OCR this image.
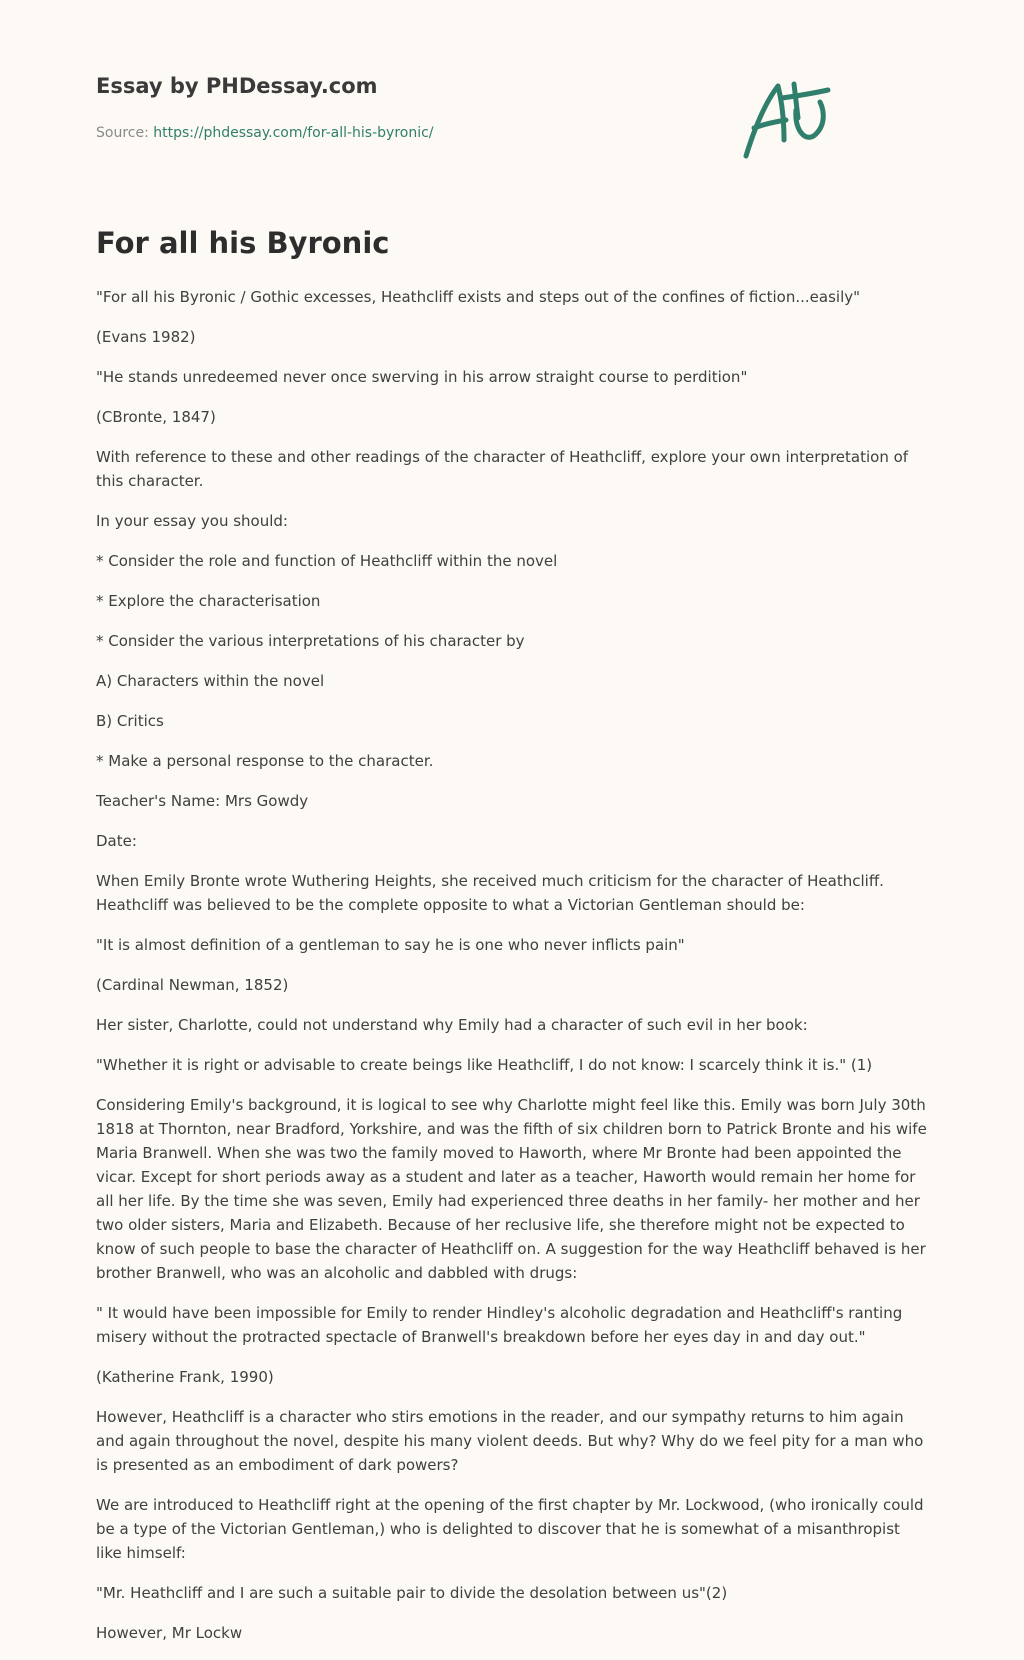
Essay by PHDessay.com
Source: https://phdessay.com/for-all-his-byronic/
For all his Byronic

"For all his Byronic / Gothic excesses, Heathcliff exists and steps out of the confines of fiction...easily"

(Evans 1982)

"He stands unredeemed never once swerving in his arrow straight course to perdition"

(CBronte, 1847)

With reference to these and other readings of the character of Heathcliff, explore your own interpretation of this character.

In your essay you should:

* Consider the role and function of Heathcliff within the novel

* Explore the characterisation

* Consider the various interpretations of his character by

A) Characters within the novel

B) Critics

* Make a personal response to the character.

Teacher's Name: Mrs Gowdy

Date:

When Emily Bronte wrote Wuthering Heights, she received much criticism for the character of Heathcliff. Heathcliff was believed to be the complete opposite to what a Victorian Gentleman should be:

"It is almost definition of a gentleman to say he is one who never inflicts pain"

(Cardinal Newman, 1852)

Her sister, Charlotte, could not understand why Emily had a character of such evil in her book:

"Whether it is right or advisable to create beings like Heathcliff, I do not know: I scarcely think it is." (1)

Considering Emily's background, it is logical to see why Charlotte might feel like this. Emily was born July 30th 1818 at Thornton, near Bradford, Yorkshire, and was the fifth of six children born to Patrick Bronte and his wife Maria Branwell. When she was two the family moved to Haworth, where Mr Bronte had been appointed the vicar. Except for short periods away as a student and later as a teacher, Haworth would remain her home for all her life. By the time she was seven, Emily had experienced three deaths in her family- her mother and her two older sisters, Maria and Elizabeth. Because of her reclusive life, she therefore might not be expected to know of such people to base the character of Heathcliff on. A suggestion for the way Heathcliff behaved is her brother Branwell, who was an alcoholic and dabbled with drugs:

" It would have been impossible for Emily to render Hindley's alcoholic degradation and Heathcliff's ranting misery without the protracted spectacle of Branwell's breakdown before her eyes day in and day out."

(Katherine Frank, 1990)

However, Heathcliff is a character who stirs emotions in the reader, and our sympathy returns to him again and again throughout the novel, despite his many violent deeds. But why? Why do we feel pity for a man who is presented as an embodiment of dark powers?

We are introduced to Heathcliff right at the opening of the first chapter by Mr. Lockwood, (who ironically could be a type of the Victorian Gentleman,) who is delighted to discover that he is somewhat of a misanthropist like himself:

"Mr. Heathcliff and I are such a suitable pair to divide the desolation between us"(2)

However, Mr Lockw
